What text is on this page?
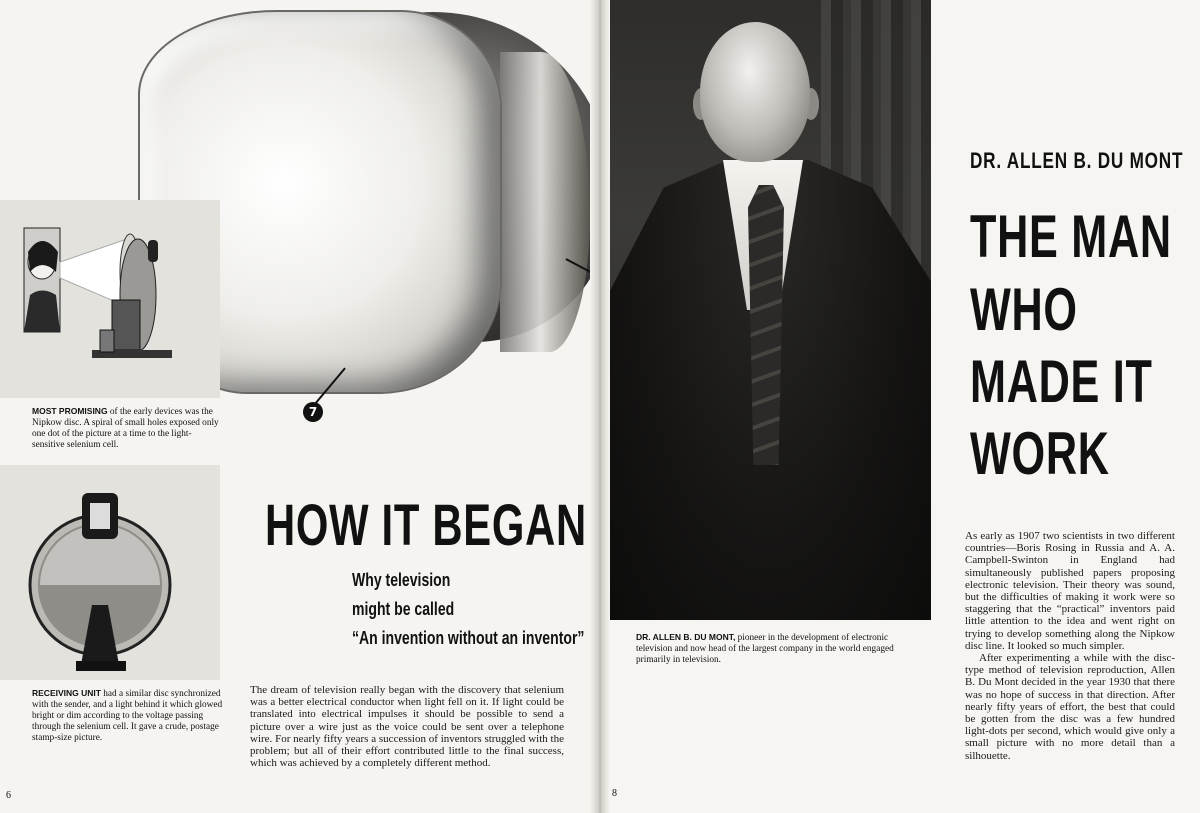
7
MOST PROMISING of the early devices was the Nipkow disc. A spiral of small holes exposed only one dot of the picture at a time to the light-sensitive selenium cell.
RECEIVING UNIT had a similar disc synchronized with the sender, and a light behind it which glowed bright or dim according to the voltage passing through the selenium cell. It gave a crude, postage stamp-size picture.
HOW IT BEGAN
Why television
might be called
“An invention without an inventor”

The dream of television really began with the discovery that selenium was a better electrical conductor when light fell on it. If light could be translated into electrical impulses it should be possible to send a picture over a wire just as the voice could be sent over a telephone wire. For nearly fifty years a succession of inventors struggled with the problem; but all of their effort contributed little to the final success, which was achieved by a completely different method.

6
DR. ALLEN B. DU MONT, pioneer in the development of electronic television and now head of the largest company in the world engaged primarily in television.
DR. ALLEN B. DU MONT
THE MAN
WHO
MADE IT
WORK

As early as 1907 two scientists in two different countries—Boris Rosing in Russia and A. A. Campbell-Swinton in England had simultaneously published papers proposing electronic television. Their theory was sound, but the difficulties of making it work were so staggering that the “practical” inventors paid little attention to the idea and went right on trying to develop something along the Nipkow disc line. It looked so much simpler.

After experimenting a while with the disc-type method of television reproduction, Allen B. Du Mont decided in the year 1930 that there was no hope of success in that direction. After nearly fifty years of effort, the best that could be gotten from the disc was a few hundred light-dots per second, which would give only a small picture with no more detail than a silhouette.

8
